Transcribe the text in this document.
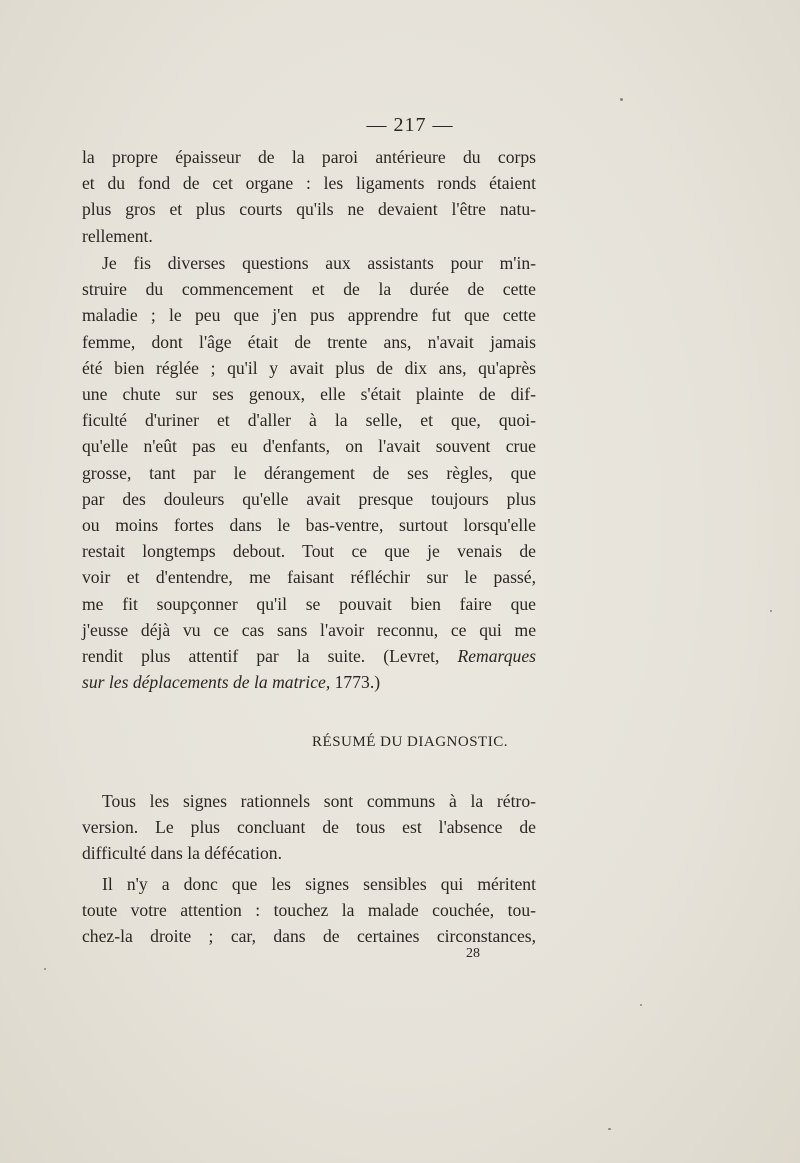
— 217 —
la propre épaisseur de la paroi antérieure du corps
et du fond de cet organe : les ligaments ronds étaient
plus gros et plus courts qu'ils ne devaient l'être natu-
rellement.
Je fis diverses questions aux assistants pour m'in-
struire du commencement et de la durée de cette
maladie ; le peu que j'en pus apprendre fut que cette
femme, dont l'âge était de trente ans, n'avait jamais
été bien réglée ; qu'il y avait plus de dix ans, qu'après
une chute sur ses genoux, elle s'était plainte de dif-
ficulté d'uriner et d'aller à la selle, et que, quoi-
qu'elle n'eût pas eu d'enfants, on l'avait souvent crue
grosse, tant par le dérangement de ses règles, que
par des douleurs qu'elle avait presque toujours plus
ou moins fortes dans le bas-ventre, surtout lorsqu'elle
restait longtemps debout. Tout ce que je venais de
voir et d'entendre, me faisant réfléchir sur le passé,
me fit soupçonner qu'il se pouvait bien faire que
j'eusse déjà vu ce cas sans l'avoir reconnu, ce qui me
rendit plus attentif par la suite. (Levret, Remarques
sur les déplacements de la matrice, 1773.)
RÉSUMÉ DU DIAGNOSTIC.
Tous les signes rationnels sont communs à la rétro-
version. Le plus concluant de tous est l'absence de
difficulté dans la défécation.
Il n'y a donc que les signes sensibles qui méritent
toute votre attention : touchez la malade couchée, tou-
chez-la droite ; car, dans de certaines circonstances,
28
